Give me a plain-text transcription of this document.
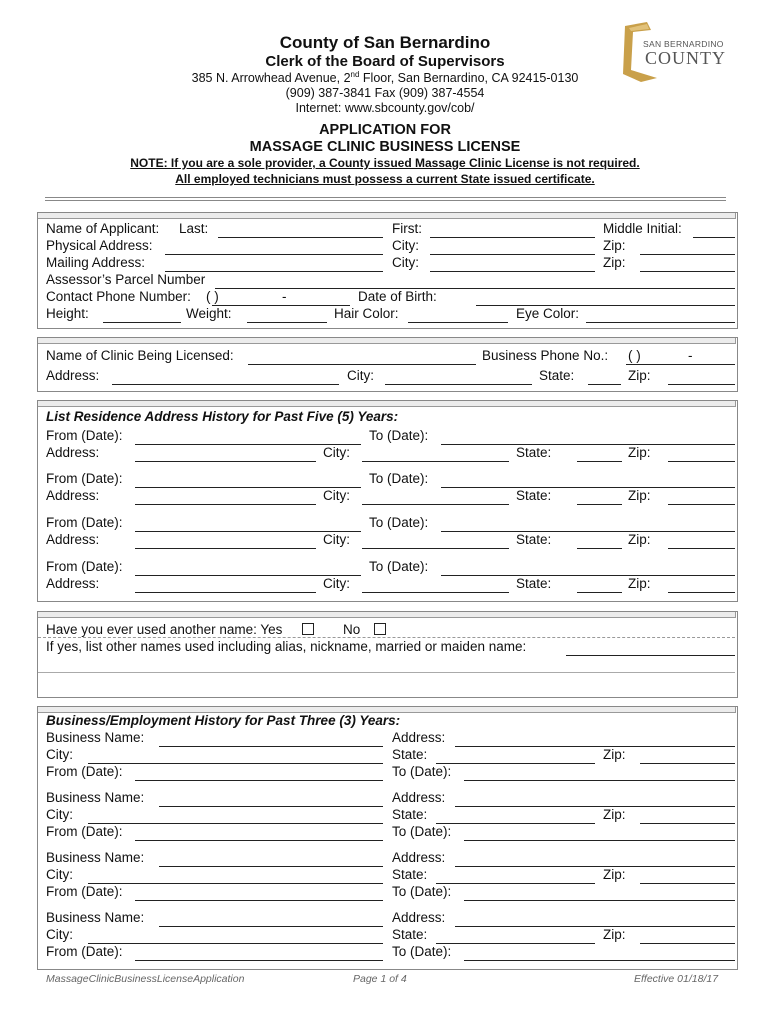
County of San Bernardino
Clerk of the Board of Supervisors
385 N. Arrowhead Avenue, 2nd Floor, San Bernardino, CA 92415-0130
(909) 387-3841 Fax (909) 387-4554
Internet: www.sbcounty.gov/cob/
SAN BERNARDINO
COUNTY
APPLICATION FOR
MASSAGE CLINIC BUSINESS LICENSE
NOTE: If you are a sole provider, a County issued Massage Clinic License is not required.
All employed technicians must possess a current State issued certificate.
Name of Applicant: Last:	First:	Middle Initial:
Physical Address:	City:	Zip:
Mailing Address:	City:	Zip:
Assessor’s Parcel Number
Contact Phone Number: ( )	-	Date of Birth:
Height:	Weight:	Hair Color:	Eye Color:
Name of Clinic Being Licensed:	Business Phone No.: ( )	-
Address:	City:	State:	Zip:
List Residence Address History for Past Five (5) Years:
From (Date):	To (Date):
Address:	City:	State:	Zip:
From (Date):	To (Date):
Address:	City:	State:	Zip:
From (Date):	To (Date):
Address:	City:	State:	Zip:
From (Date):	To (Date):
Address:	City:	State:	Zip:
Have you ever used another name: Yes	No
If yes, list other names used including alias, nickname, married or maiden name:
Business/Employment History for Past Three (3) Years:
Business Name:	Address:
City:	State:	Zip:
From (Date):	To (Date):
Business Name:	Address:
City:	State:	Zip:
From (Date):	To (Date):
Business Name:	Address:
City:	State:	Zip:
From (Date):	To (Date):
Business Name:	Address:
City:	State:	Zip:
From (Date):	To (Date):
MassageClinicBusinessLicenseApplication	Page 1 of 4	Effective 01/18/17
